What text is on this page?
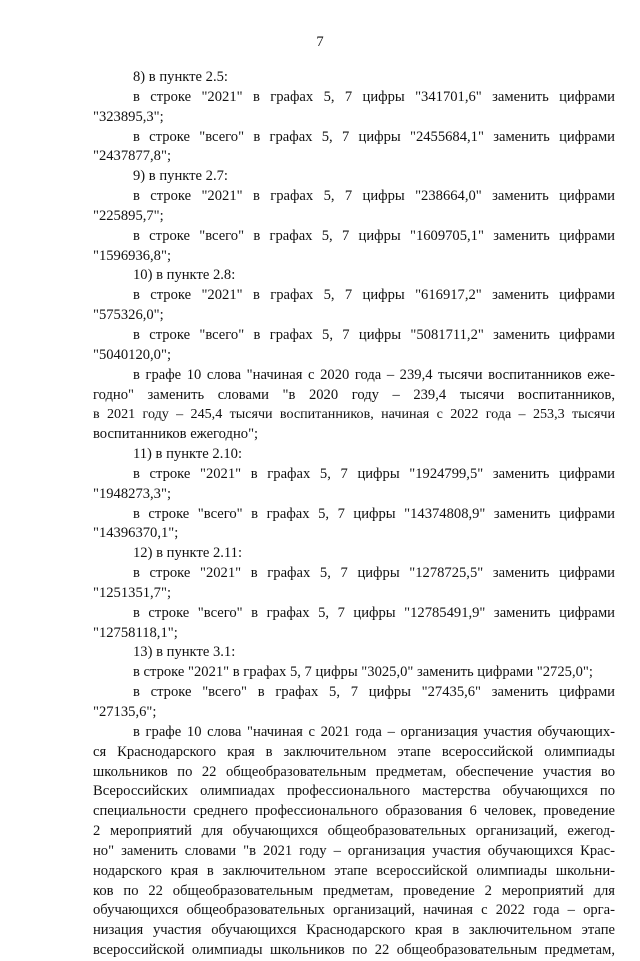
7
8) в пункте 2.5:
в строке "2021" в графах 5, 7 цифры "341701,6" заменить цифрами
"323895,3";
в строке "всего" в графах 5, 7 цифры "2455684,1" заменить цифрами
"2437877,8";
9) в пункте 2.7:
в строке "2021" в графах 5, 7 цифры "238664,0" заменить цифрами
"225895,7";
в строке "всего" в графах 5, 7 цифры "1609705,1" заменить цифрами
"1596936,8";
10) в пункте 2.8:
в строке "2021" в графах 5, 7 цифры "616917,2" заменить цифрами
"575326,0";
в строке "всего" в графах 5, 7 цифры "5081711,2" заменить цифрами
"5040120,0";
в графе 10 слова "начиная с 2020 года – 239,4 тысячи воспитанников еже-
годно" заменить словами "в 2020 году – 239,4 тысячи воспитанников,
в 2021 году – 245,4 тысячи воспитанников, начиная с 2022 года – 253,3 тысячи
воспитанников ежегодно";
11) в пункте 2.10:
в строке "2021" в графах 5, 7 цифры "1924799,5" заменить цифрами
"1948273,3";
в строке "всего" в графах 5, 7 цифры "14374808,9" заменить цифрами
"14396370,1";
12) в пункте 2.11:
в строке "2021" в графах 5, 7 цифры "1278725,5" заменить цифрами
"1251351,7";
в строке "всего" в графах 5, 7 цифры "12785491,9" заменить цифрами
"12758118,1";
13) в пункте 3.1:
в строке "2021" в графах 5, 7 цифры "3025,0" заменить цифрами "2725,0";
в строке "всего" в графах 5, 7 цифры "27435,6" заменить цифрами
"27135,6";
в графе 10 слова "начиная с 2021 года – организация участия обучающих-
ся Краснодарского края в заключительном этапе всероссийской олимпиады
школьников по 22 общеобразовательным предметам, обеспечение участия во
Всероссийских олимпиадах профессионального мастерства обучающихся по
специальности среднего профессионального образования 6 человек, проведение
2 мероприятий для обучающихся общеобразовательных организаций, ежегод-
но" заменить словами "в 2021 году – организация участия обучающихся Крас-
нодарского края в заключительном этапе всероссийской олимпиады школьни-
ков по 22 общеобразовательным предметам, проведение 2 мероприятий для
обучающихся общеобразовательных организаций, начиная с 2022 года – орга-
низация участия обучающихся Краснодарского края в заключительном этапе
всероссийской олимпиады школьников по 22 общеобразовательным предметам,
